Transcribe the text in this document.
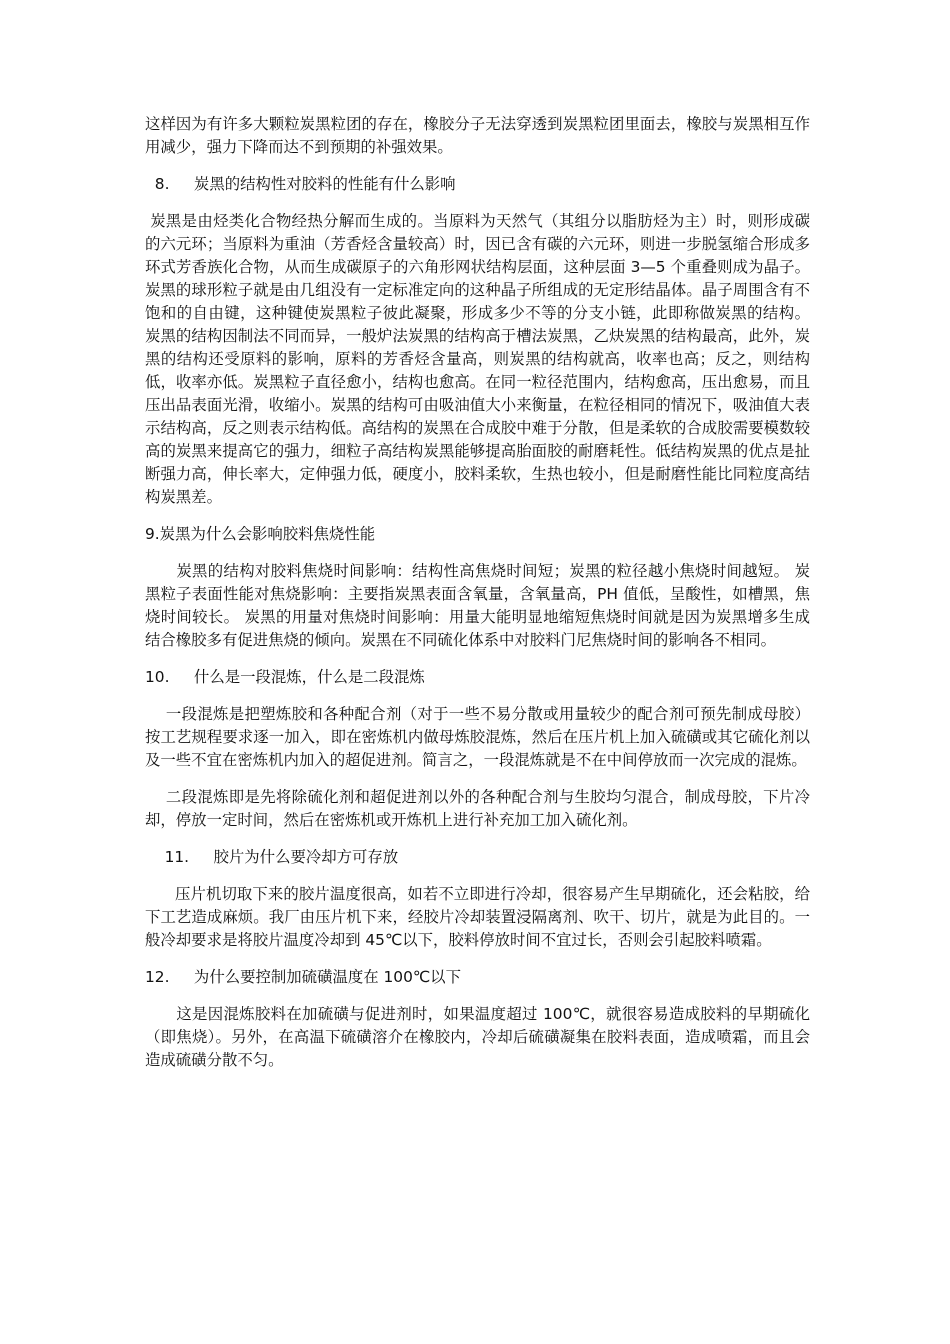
这样因为有许多大颗粒炭黑粒团的存在，橡胶分子无法穿透到炭黑粒团里面去，橡胶与炭黑相互作用减少，强力下降而达不到预期的补强效果。

8.     炭黑的结构性对胶料的性能有什么影响

炭黑是由烃类化合物经热分解而生成的。当原料为天然气（其组分以脂肪烃为主）时，则形成碳的六元环；当原料为重油（芳香烃含量较高）时，因已含有碳的六元环，则进一步脱氢缩合形成多环式芳香族化合物，从而生成碳原子的六角形网状结构层面，这种层面 3—5 个重叠则成为晶子。炭黑的球形粒子就是由几组没有一定标准定向的这种晶子所组成的无定形结晶体。晶子周围含有不饱和的自由键，这种键使炭黑粒子彼此凝聚，形成多少不等的分支小链，此即称做炭黑的结构。  炭黑的结构因制法不同而异，一般炉法炭黑的结构高于槽法炭黑，乙炔炭黑的结构最高，此外，炭黑的结构还受原料的影响，原料的芳香烃含量高，则炭黑的结构就高，收率也高；反之，则结构低，收率亦低。炭黑粒子直径愈小，结构也愈高。在同一粒径范围内，结构愈高，压出愈易，而且压出品表面光滑，收缩小。炭黑的结构可由吸油值大小来衡量，在粒径相同的情况下，吸油值大表示结构高，反之则表示结构低。高结构的炭黑在合成胶中难于分散，但是柔软的合成胶需要模数较高的炭黑来提高它的强力，细粒子高结构炭黑能够提高胎面胶的耐磨耗性。低结构炭黑的优点是扯断强力高，伸长率大，定伸强力低，硬度小，胶料柔软，生热也较小，但是耐磨性能比同粒度高结构炭黑差。

9.炭黑为什么会影响胶料焦烧性能

炭黑的结构对胶料焦烧时间影响：结构性高焦烧时间短；炭黑的粒径越小焦烧时间越短。 炭黑粒子表面性能对焦烧影响：主要指炭黑表面含氧量，含氧量高，PH 值低，呈酸性，如槽黑，焦烧时间较长。 炭黑的用量对焦烧时间影响：用量大能明显地缩短焦烧时间就是因为炭黑增多生成结合橡胶多有促进焦烧的倾向。炭黑在不同硫化体系中对胶料门尼焦烧时间的影响各不相同。

10.     什么是一段混炼，什么是二段混炼

一段混炼是把塑炼胶和各种配合剂（对于一些不易分散或用量较少的配合剂可预先制成母胶）按工艺规程要求逐一加入，即在密炼机内做母炼胶混炼，然后在压片机上加入硫磺或其它硫化剂以及一些不宜在密炼机内加入的超促进剂。简言之，一段混炼就是不在中间停放而一次完成的混炼。

二段混炼即是先将除硫化剂和超促进剂以外的各种配合剂与生胶均匀混合，制成母胶，下片冷却，停放一定时间，然后在密炼机或开炼机上进行补充加工加入硫化剂。

11.     胶片为什么要冷却方可存放

压片机切取下来的胶片温度很高，如若不立即进行冷却，很容易产生早期硫化，还会粘胶，给下工艺造成麻烦。我厂由压片机下来，经胶片冷却装置浸隔离剂、吹干、切片，就是为此目的。一般冷却要求是将胶片温度冷却到 45℃以下，胶料停放时间不宜过长，否则会引起胶料喷霜。

12.     为什么要控制加硫磺温度在 100℃以下

这是因混炼胶料在加硫磺与促进剂时，如果温度超过 100℃，就很容易造成胶料的早期硫化（即焦烧）。另外，在高温下硫磺溶介在橡胶内，冷却后硫磺凝集在胶料表面，造成喷霜，而且会造成硫磺分散不匀。
